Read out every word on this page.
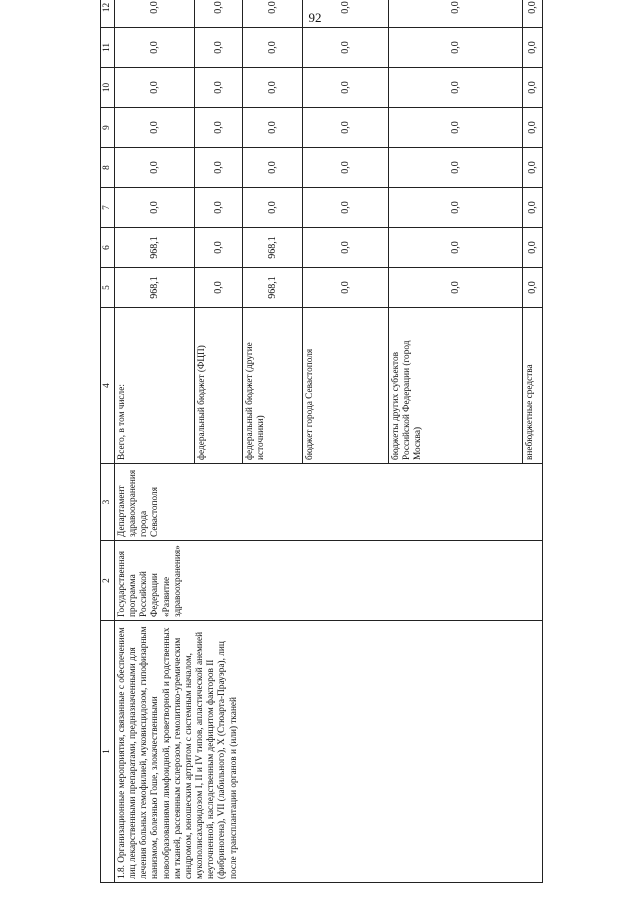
92
1	2	3	4	5	6	7	8	9	10	11	12		
1.8. Организационные мероприятия, связанные с обеспечением лиц лекарственными препаратами, предназначенными для лечения больных гемофилией, муковисцидозом, гипофизарным нанизмом, болезнью Гоше, злокачественными новообразованиями лимфоидной, кроветворной и родственных им тканей, рассеянным склерозом, гемолитико-уремическим синдромом, юношеским артритом с системным началом, мукополисахаридозом I, II и IV типов, апластической анемией неуточненной, наследственным дефицитом факторов II (фибриногена), VII (лабильного), X (Стюарта-Прауэра), лиц после трансплантации органов и (или) тканей	Государственная программа Российской Федерации «Развитие здравоохранения»	Департамент здравоохранения города Севастополя	Всего, в том числе:	968,1	968,1	0,0	0,0	0,0	0,0	0,0	0,0		
			федеральный бюджет (ФЦП)	0,0	0,0	0,0	0,0	0,0	0,0	0,0	0,0		
			федеральный бюджет (другие источники)	968,1	968,1	0,0	0,0	0,0	0,0	0,0	0,0		
			бюджет города Севастополя	0,0	0,0	0,0	0,0	0,0	0,0	0,0	0,0		
			бюджеты других субъектов Российской Федерации (город Москва)	0,0	0,0	0,0	0,0	0,0	0,0	0,0	0,0		
			внебюджетные средства	0,0	0,0	0,0	0,0	0,0	0,0	0,0	0,0		
